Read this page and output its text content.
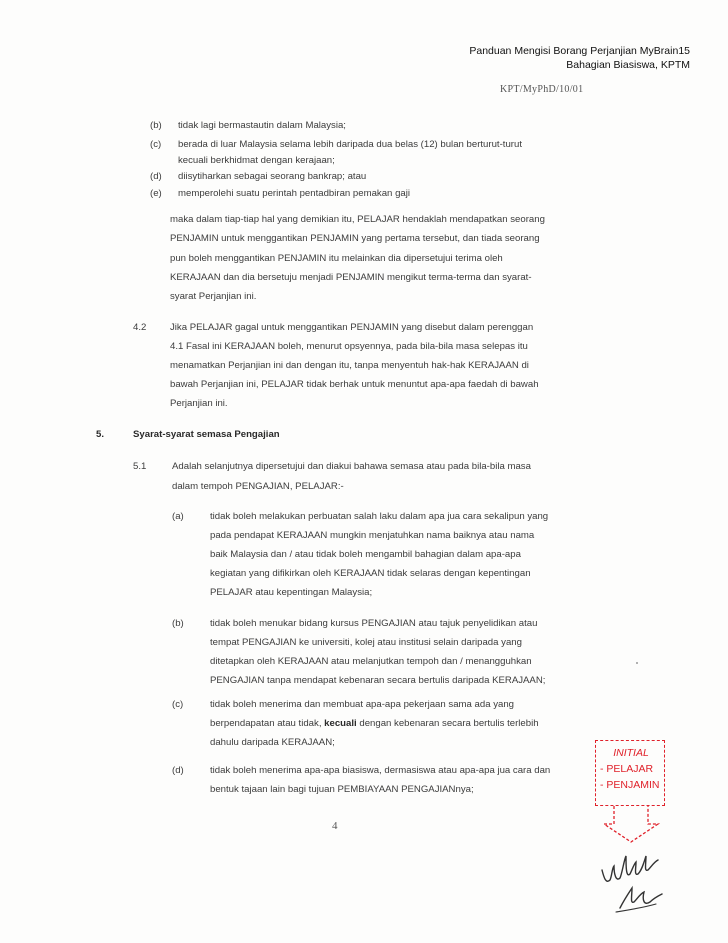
Panduan Mengisi Borang Perjanjian MyBrain15
Bahagian Biasiswa, KPTM
KPT/MyPhD/10/01
(b) tidak lagi bermastautin dalam Malaysia;
(c) berada di luar Malaysia selama lebih daripada dua belas (12) bulan berturut-turut
kecuali berkhidmat dengan kerajaan;
(d) diisytiharkan sebagai seorang bankrap; atau
(e) memperolehi suatu perintah pentadbiran pemakan gaji
maka dalam tiap-tiap hal yang demikian itu, PELAJAR hendaklah mendapatkan seorang
PENJAMIN untuk menggantikan PENJAMIN yang pertama tersebut, dan tiada seorang
pun boleh menggantikan PENJAMIN itu melainkan dia dipersetujui terima oleh
KERAJAAN dan dia bersetuju menjadi PENJAMIN mengikut terma-terma dan syarat-
syarat Perjanjian ini.
4.2 Jika PELAJAR gagal untuk menggantikan PENJAMIN yang disebut dalam perenggan
4.1 Fasal ini KERAJAAN boleh, menurut opsyennya, pada bila-bila masa selepas itu
menamatkan Perjanjian ini dan dengan itu, tanpa menyentuh hak-hak KERAJAAN di
bawah Perjanjian ini, PELAJAR tidak berhak untuk menuntut apa-apa faedah di bawah
Perjanjian ini.
5.	Syarat-syarat semasa Pengajian
5.1	Adalah selanjutnya dipersetujui dan diakui bahawa semasa atau pada bila-bila masa
dalam tempoh PENGAJIAN, PELAJAR:-
(a)	tidak boleh melakukan perbuatan salah laku dalam apa jua cara sekalipun yang
pada pendapat KERAJAAN mungkin menjatuhkan nama baiknya atau nama
baik Malaysia dan / atau tidak boleh mengambil bahagian dalam apa-apa
kegiatan yang difikirkan oleh KERAJAAN tidak selaras dengan kepentingan
PELAJAR atau kepentingan Malaysia;
(b)	tidak boleh menukar bidang kursus PENGAJIAN atau tajuk penyelidikan atau
tempat PENGAJIAN ke universiti, kolej atau institusi selain daripada yang
ditetapkan oleh KERAJAAN atau melanjutkan tempoh dan / menangguhkan
PENGAJIAN tanpa mendapat kebenaran secara bertulis daripada KERAJAAN;
(c)	tidak boleh menerima dan membuat apa-apa pekerjaan sama ada yang
berpendapatan atau tidak, kecuali dengan kebenaran secara bertulis terlebih
dahulu daripada KERAJAAN;
(d)	tidak boleh menerima apa-apa biasiswa, dermasiswa atau apa-apa jua cara dan
bentuk tajaan lain bagi tujuan PEMBIAYAAN PENGAJIANnya;
4
INITIAL
- PELAJAR
- PENJAMIN
